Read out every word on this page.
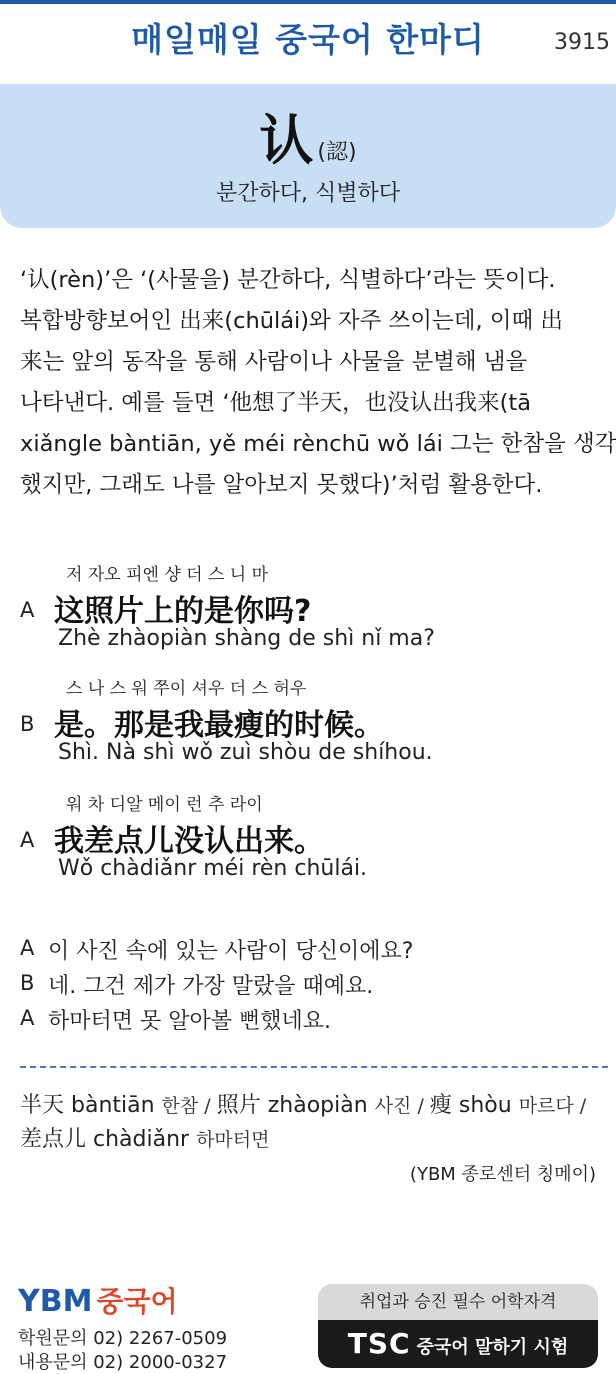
매일매일 중국어 한마디	3915
认 (認)
분간하다, 식별하다
‘认(rèn)’은 ‘(사물을) 분간하다, 식별하다’라는 뜻이다.
복합방향보어인 出来(chūlái)와 자주 쓰이는데, 이때 出
来는 앞의 동작을 통해 사람이나 사물을 분별해 냄을
나타낸다. 예를 들면 ‘他想了半天，也没认出我来(tā
xiǎngle bàntiān, yě méi rènchū wǒ lái 그는 한참을 생각
했지만, 그래도 나를 알아보지 못했다)’처럼 활용한다.
저 자오 피엔 샹 더 스 니 마
A 这照片上的是你吗?
Zhè zhàopiàn shàng de shì nǐ ma?
스 나 스 워 쭈이 셔우 더 스 허우
B 是。那是我最瘦的时候。
Shì. Nà shì wǒ zuì shòu de shíhou.
워 차 디알 메이 런 추 라이
A 我差点儿没认出来。
Wǒ chàdiǎnr méi rèn chūlái.
A 이 사진 속에 있는 사람이 당신이에요?
B 네. 그건 제가 가장 말랐을 때예요.
A 하마터면 못 알아볼 뻔했네요.
半天 bàntiān 한참 / 照片 zhàopiàn 사진 / 瘦 shòu 마르다 /
差点儿 chàdiǎnr 하마터면
(YBM 종로센터 칭메이)
YBM 중국어
학원문의 02) 2267-0509
내용문의 02) 2000-0327
취업과 승진 필수 어학자격
TSC 중국어 말하기 시험
